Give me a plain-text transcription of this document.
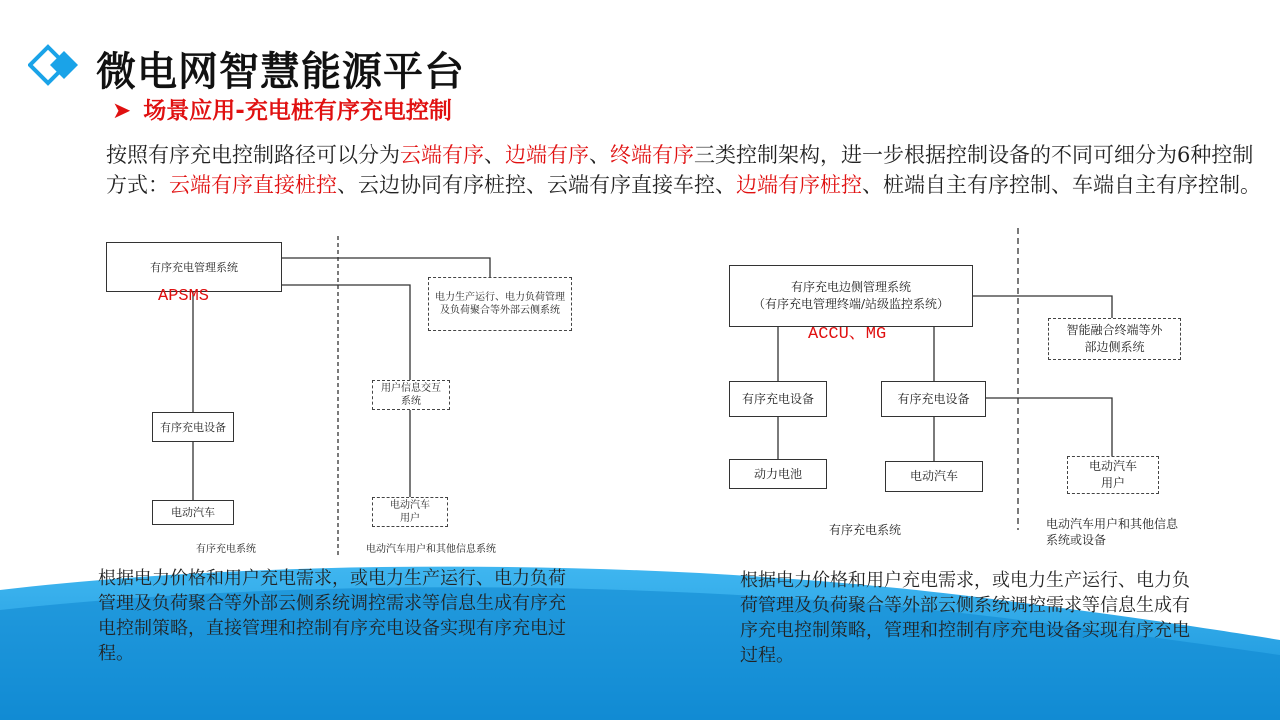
微电网智慧能源平台
➤ 场景应用-充电桩有序充电控制
按照有序充电控制路径可以分为云端有序、边端有序、终端有序三类控制架构，进一步根据控制设备的不同可细分为6种控制方式：云端有序直接桩控、云边协同有序桩控、云端有序直接车控、边端有序桩控、桩端自主有序控制、车端自主有序控制。
有序充电管理系统
APSMS	电力生产运行、电力负荷管理及负荷聚合等外部云侧系统
用户信息交互系统
有序充电设备
电动汽车
电动汽车用户
有序充电系统	电动汽车用户和其他信息系统
有序充电边侧管理系统
（有序充电管理终端/站级监控系统）
ACCU、MG	智能融合终端等外部边侧系统
有序充电设备	有序充电设备
动力电池	电动汽车
电动汽车用户
有序充电系统	电动汽车用户和其他信息系统或设备
根据电力价格和用户充电需求，或电力生产运行、电力负荷管理及负荷聚合等外部云侧系统调控需求等信息生成有序充电控制策略，直接管理和控制有序充电设备实现有序充电过程。
根据电力价格和用户充电需求，或电力生产运行、电力负荷管理及负荷聚合等外部云侧系统调控需求等信息生成有序充电控制策略，管理和控制有序充电设备实现有序充电过程。
